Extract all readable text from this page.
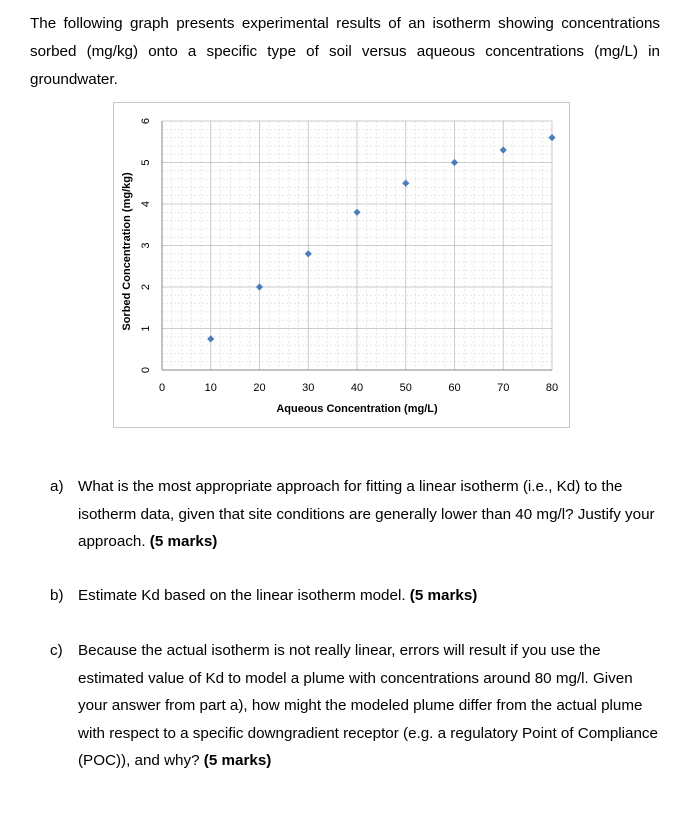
The following graph presents experimental results of an isotherm showing concentrations sorbed (mg/kg) onto a specific type of soil versus aqueous concentrations (mg/L) in groundwater.
0	10	20	30	40	50	60	70	80
0
1
2
3
4
5
6
Aqueous Concentration (mg/L)
Sorbed Concentration (mg/kg)
a) What is the most appropriate approach for fitting a linear isotherm (i.e., Kd) to the isotherm data, given that site conditions are generally lower than 40 mg/l? Justify your approach. (5 marks)
b) Estimate Kd based on the linear isotherm model. (5 marks)
c) Because the actual isotherm is not really linear, errors will result if you use the estimated value of Kd to model a plume with concentrations around 80 mg/l. Given your answer from part a), how might the modeled plume differ from the actual plume with respect to a specific downgradient receptor (e.g. a regulatory Point of Compliance (POC)), and why? (5 marks)
